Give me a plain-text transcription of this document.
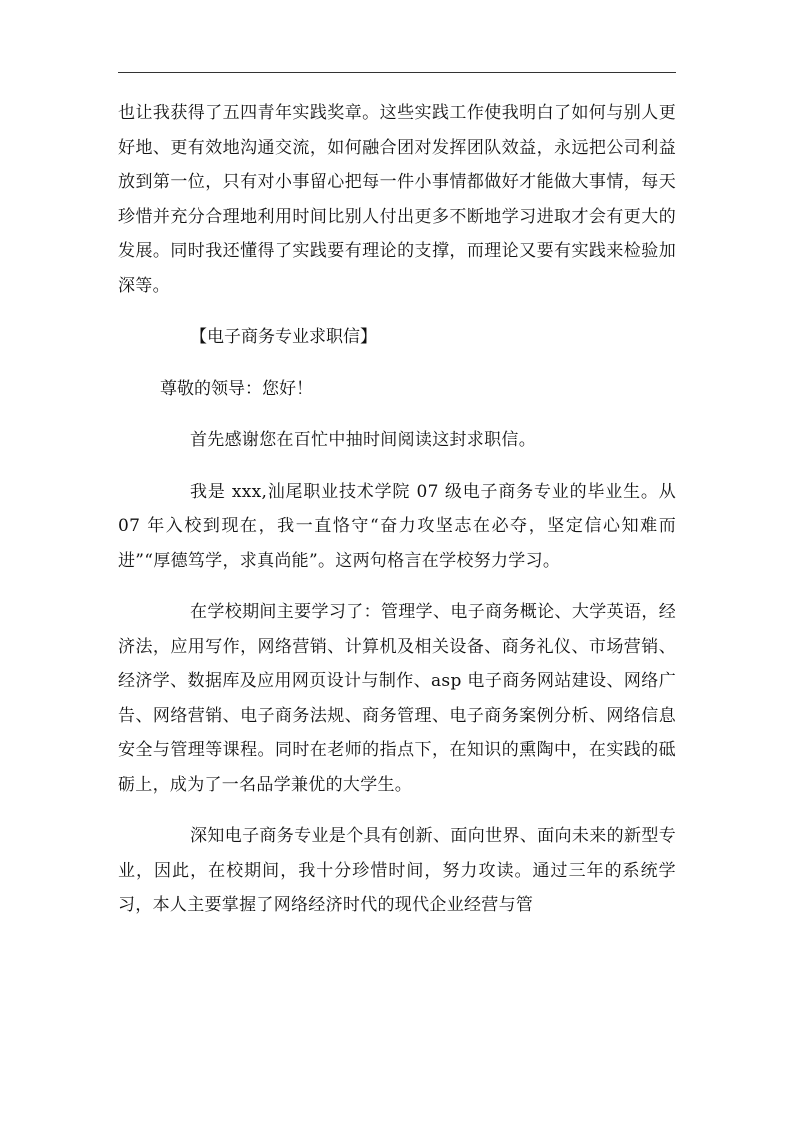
也让我获得了五四青年实践奖章。这些实践工作使我明白了如何与别人更好地、更有效地沟通交流，如何融合团对发挥团队效益，永远把公司利益放到第一位，只有对小事留心把每一件小事情都做好才能做大事情，每天珍惜并充分合理地利用时间比别人付出更多不断地学习进取才会有更大的发展。同时我还懂得了实践要有理论的支撑，而理论又要有实践来检验加深等。

【电子商务专业求职信】

尊敬的领导：您好！

首先感谢您在百忙中抽时间阅读这封求职信。

我是 xxx,汕尾职业技术学院 07 级电子商务专业的毕业生。从 07 年入校到现在，我一直恪守“奋力攻坚志在必夺，坚定信心知难而进”“厚德笃学，求真尚能”。这两句格言在学校努力学习。

在学校期间主要学习了：管理学、电子商务概论、大学英语，经济法，应用写作，网络营销、计算机及相关设备、商务礼仪、市场营销、经济学、数据库及应用网页设计与制作、asp 电子商务网站建设、网络广告、网络营销、电子商务法规、商务管理、电子商务案例分析、网络信息安全与管理等课程。同时在老师的指点下，在知识的熏陶中，在实践的砥砺上，成为了一名品学兼优的大学生。

深知电子商务专业是个具有创新、面向世界、面向未来的新型专业，因此，在校期间，我十分珍惜时间，努力攻读。通过三年的系统学习，本人主要掌握了网络经济时代的现代企业经营与管
